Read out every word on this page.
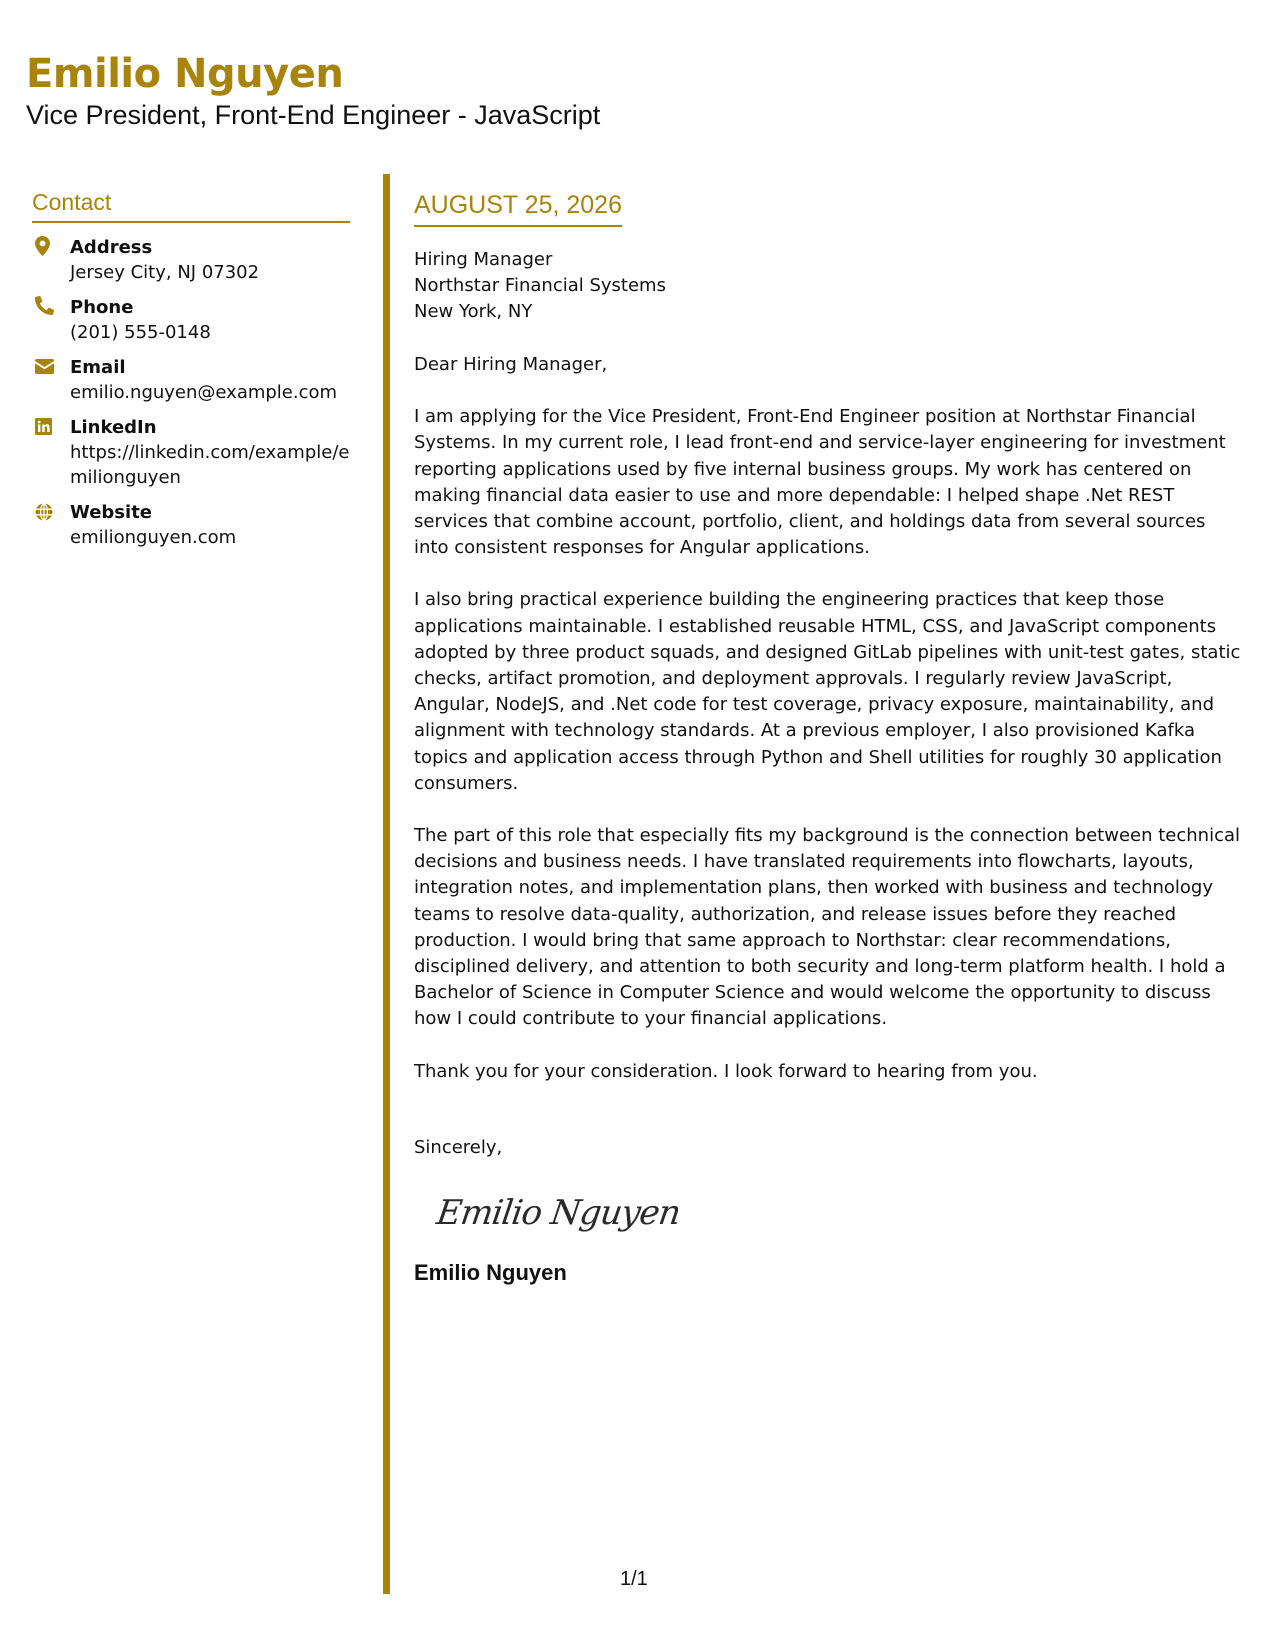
Emilio Nguyen
Vice President, Front-End Engineer - JavaScript
Contact
Address
Jersey City, NJ 07302
Phone
(201) 555-0148
Email
emilio.nguyen@example.com
LinkedIn
https://linkedin.com/example/emilionguyen
Website
emilionguyen.com
AUGUST 25, 2026
Hiring Manager
Northstar Financial Systems
New York, NY
Dear Hiring Manager,
I am applying for the Vice President, Front-End Engineer position at Northstar Financial Systems. In my current role, I lead front-end and service-layer engineering for investment reporting applications used by five internal business groups. My work has centered on making financial data easier to use and more dependable: I helped shape .Net REST services that combine account, portfolio, client, and holdings data from several sources into consistent responses for Angular applications.
I also bring practical experience building the engineering practices that keep those applications maintainable. I established reusable HTML, CSS, and JavaScript components adopted by three product squads, and designed GitLab pipelines with unit-test gates, static checks, artifact promotion, and deployment approvals. I regularly review JavaScript, Angular, NodeJS, and .Net code for test coverage, privacy exposure, maintainability, and alignment with technology standards. At a previous employer, I also provisioned Kafka topics and application access through Python and Shell utilities for roughly 30 application consumers.
The part of this role that especially fits my background is the connection between technical decisions and business needs. I have translated requirements into flowcharts, layouts, integration notes, and implementation plans, then worked with business and technology teams to resolve data-quality, authorization, and release issues before they reached production. I would bring that same approach to Northstar: clear recommendations, disciplined delivery, and attention to both security and long-term platform health. I hold a Bachelor of Science in Computer Science and would welcome the opportunity to discuss how I could contribute to your financial applications.
Thank you for your consideration. I look forward to hearing from you.
Sincerely,
Emilio Nguyen
Emilio Nguyen
1/1
